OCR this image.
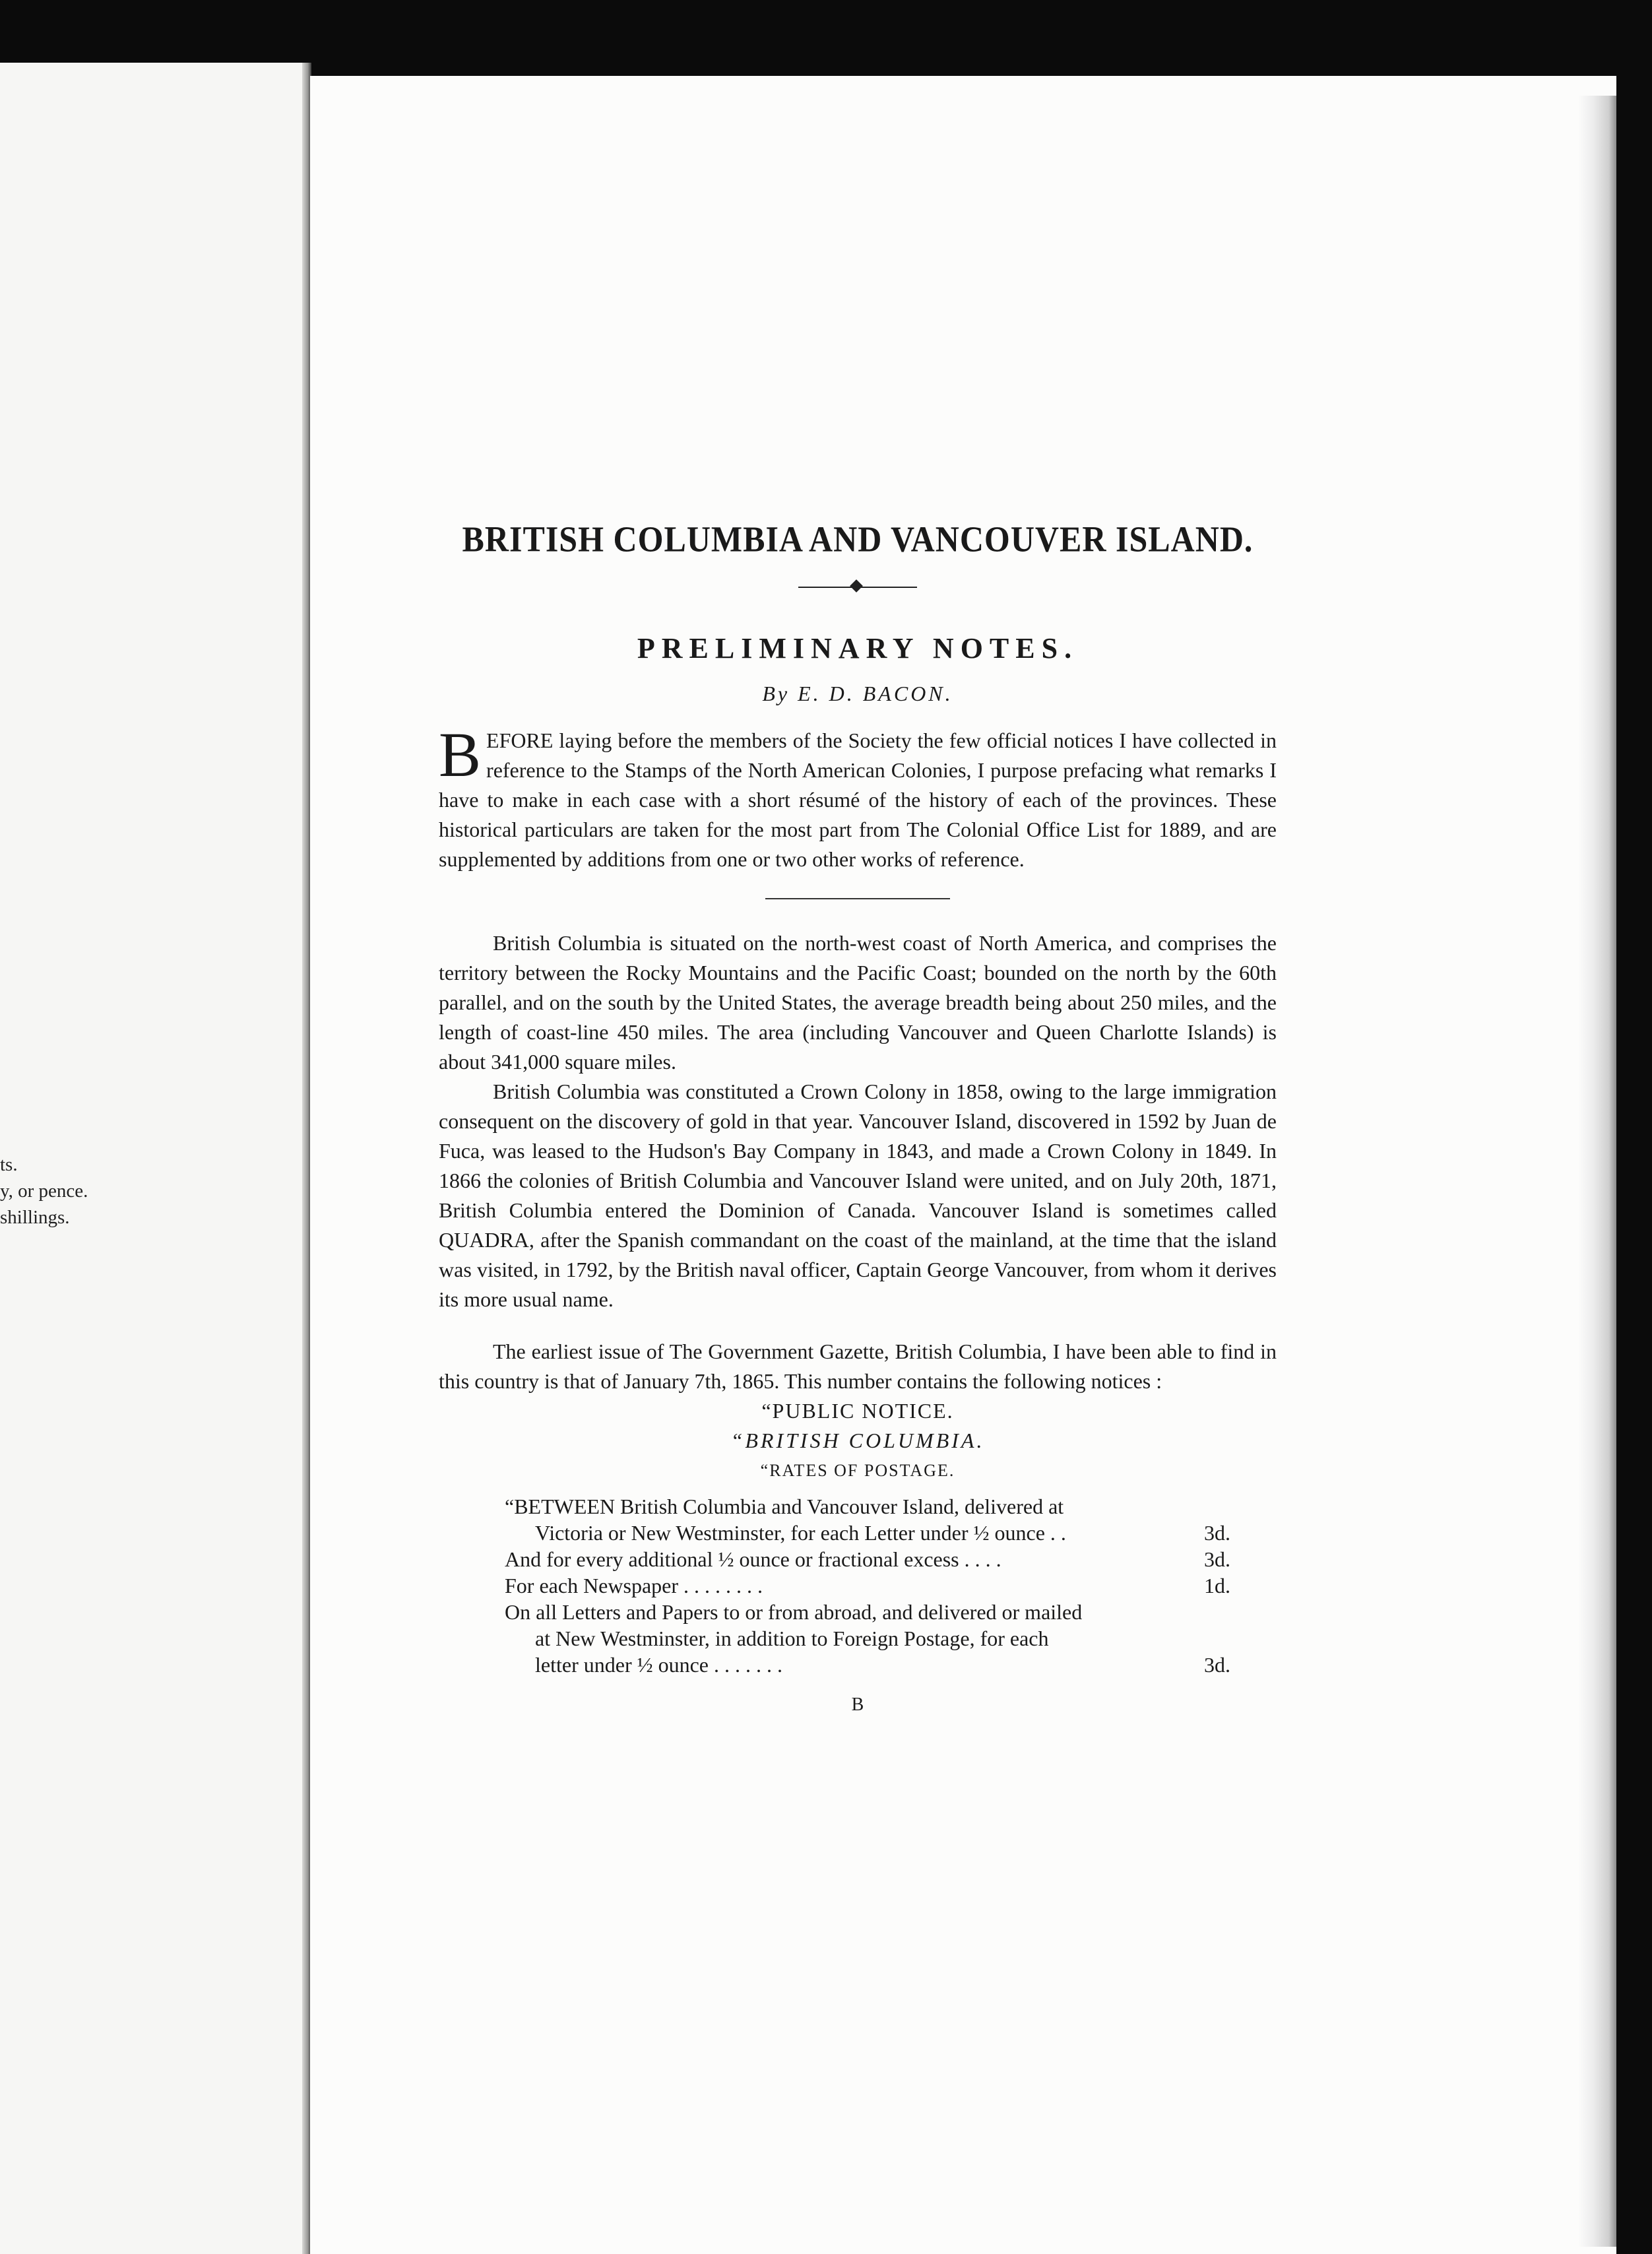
ts.
y, or pence.
shillings.
BRITISH COLUMBIA AND VANCOUVER ISLAND.
PRELIMINARY NOTES.
By E. D. BACON.

BEFORE laying before the members of the Society the few official notices I have collected in reference to the Stamps of the North American Colonies, I purpose prefacing what remarks I have to make in each case with a short résumé of the history of each of the provinces. These historical particulars are taken for the most part from The Colonial Office List for 1889, and are supplemented by additions from one or two other works of reference.

British Columbia is situated on the north-west coast of North America, and comprises the territory between the Rocky Mountains and the Pacific Coast; bounded on the north by the 60th parallel, and on the south by the United States, the average breadth being about 250 miles, and the length of coast-line 450 miles. The area (including Vancouver and Queen Charlotte Islands) is about 341,000 square miles.

British Columbia was constituted a Crown Colony in 1858, owing to the large immigration consequent on the discovery of gold in that year. Vancouver Island, discovered in 1592 by Juan de Fuca, was leased to the Hudson's Bay Company in 1843, and made a Crown Colony in 1849. In 1866 the colonies of British Columbia and Vancouver Island were united, and on July 20th, 1871, British Columbia entered the Dominion of Canada. Vancouver Island is sometimes called QUADRA, after the Spanish commandant on the coast of the mainland, at the time that the island was visited, in 1792, by the British naval officer, Captain George Vancouver, from whom it derives its more usual name.

The earliest issue of The Government Gazette, British Columbia, I have been able to find in this country is that of January 7th, 1865. This number contains the following notices :

“PUBLIC NOTICE.
“BRITISH COLUMBIA.
“RATES OF POSTAGE.
“BETWEEN British Columbia and Vancouver Island, delivered at
Victoria or New Westminster, for each Letter under ½ ounce . .	3d.
And for every additional ½ ounce or fractional excess . . . .	3d.
For each Newspaper . . . . . . . .	1d.
On all Letters and Papers to or from abroad, and delivered or mailed
at New Westminster, in addition to Foreign Postage, for each
letter under ½ ounce . . . . . . .	3d.
B
